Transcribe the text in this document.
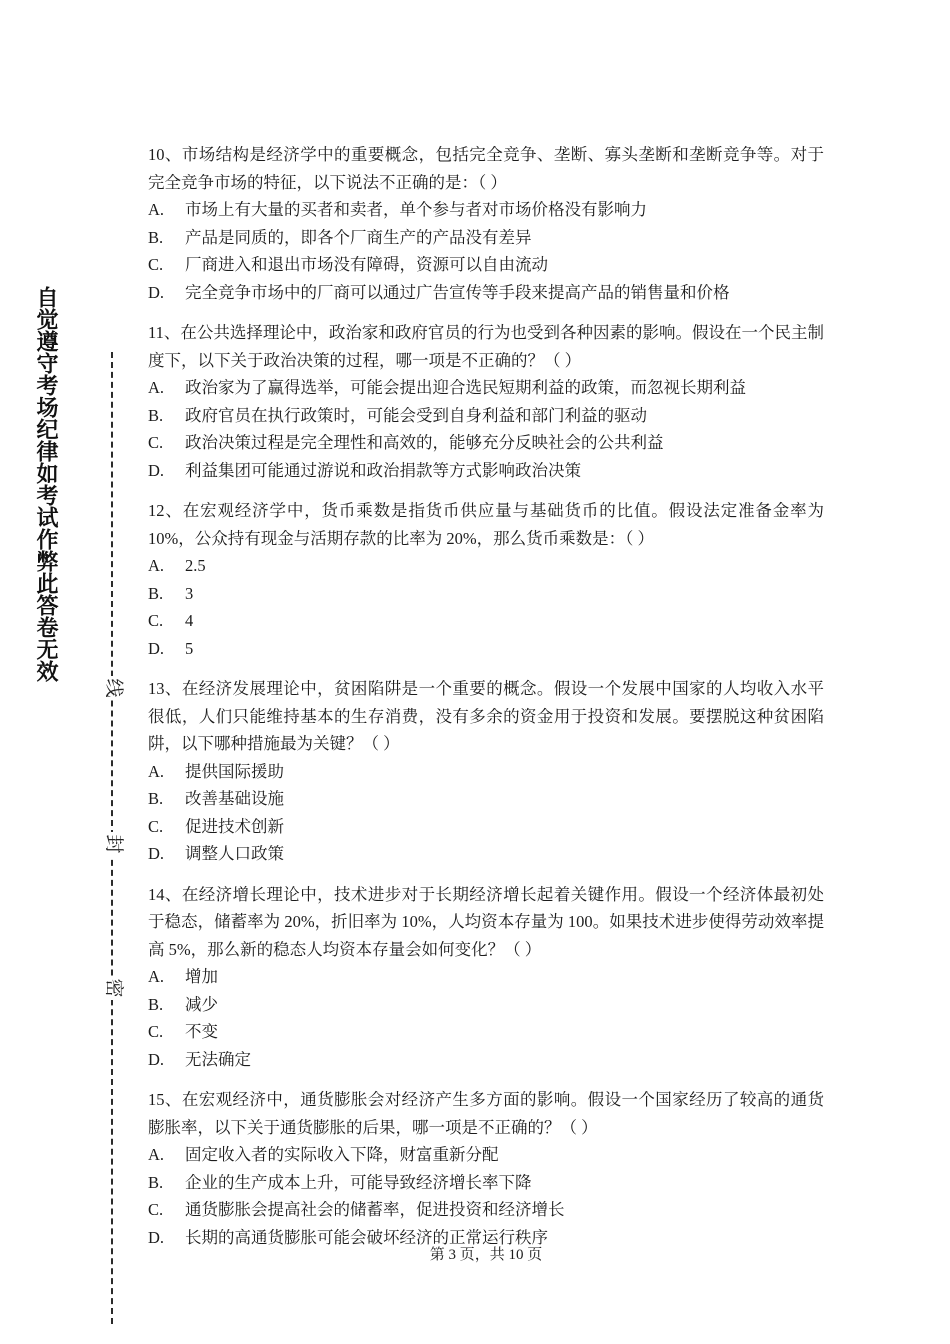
自觉遵守考场纪律如考试作弊此答卷无效
线
封
密

10、市场结构是经济学中的重要概念，包括完全竞争、垄断、寡头垄断和垄断竞争等。对于完全竞争市场的特征，以下说法不正确的是：（ ）

A.	市场上有大量的买者和卖者，单个参与者对市场价格没有影响力

B.	产品是同质的，即各个厂商生产的产品没有差异

C.	厂商进入和退出市场没有障碍，资源可以自由流动

D.	完全竞争市场中的厂商可以通过广告宣传等手段来提高产品的销售量和价格

11、在公共选择理论中，政治家和政府官员的行为也受到各种因素的影响。假设在一个民主制度下，以下关于政治决策的过程，哪一项是不正确的？（ ）

A.	政治家为了赢得选举，可能会提出迎合选民短期利益的政策，而忽视长期利益

B.	政府官员在执行政策时，可能会受到自身利益和部门利益的驱动

C.	政治决策过程是完全理性和高效的，能够充分反映社会的公共利益

D.	利益集团可能通过游说和政治捐款等方式影响政治决策

12、在宏观经济学中，货币乘数是指货币供应量与基础货币的比值。假设法定准备金率为 10%，公众持有现金与活期存款的比率为 20%，那么货币乘数是：（ ）

A.	2.5

B.	3

C.	4

D.	5

13、在经济发展理论中，贫困陷阱是一个重要的概念。假设一个发展中国家的人均收入水平很低，人们只能维持基本的生存消费，没有多余的资金用于投资和发展。要摆脱这种贫困陷阱，以下哪种措施最为关键？（ ）

A.	提供国际援助

B.	改善基础设施

C.	促进技术创新

D.	调整人口政策

14、在经济增长理论中，技术进步对于长期经济增长起着关键作用。假设一个经济体最初处于稳态，储蓄率为 20%，折旧率为 10%，人均资本存量为 100。如果技术进步使得劳动效率提高 5%，那么新的稳态人均资本存量会如何变化？（ ）

A.	增加

B.	减少

C.	不变

D.	无法确定

15、在宏观经济中，通货膨胀会对经济产生多方面的影响。假设一个国家经历了较高的通货膨胀率，以下关于通货膨胀的后果，哪一项是不正确的？（ ）

A.	固定收入者的实际收入下降，财富重新分配

B.	企业的生产成本上升，可能导致经济增长率下降

C.	通货膨胀会提高社会的储蓄率，促进投资和经济增长

D.	长期的高通货膨胀可能会破坏经济的正常运行秩序

第 3 页，共 10 页
